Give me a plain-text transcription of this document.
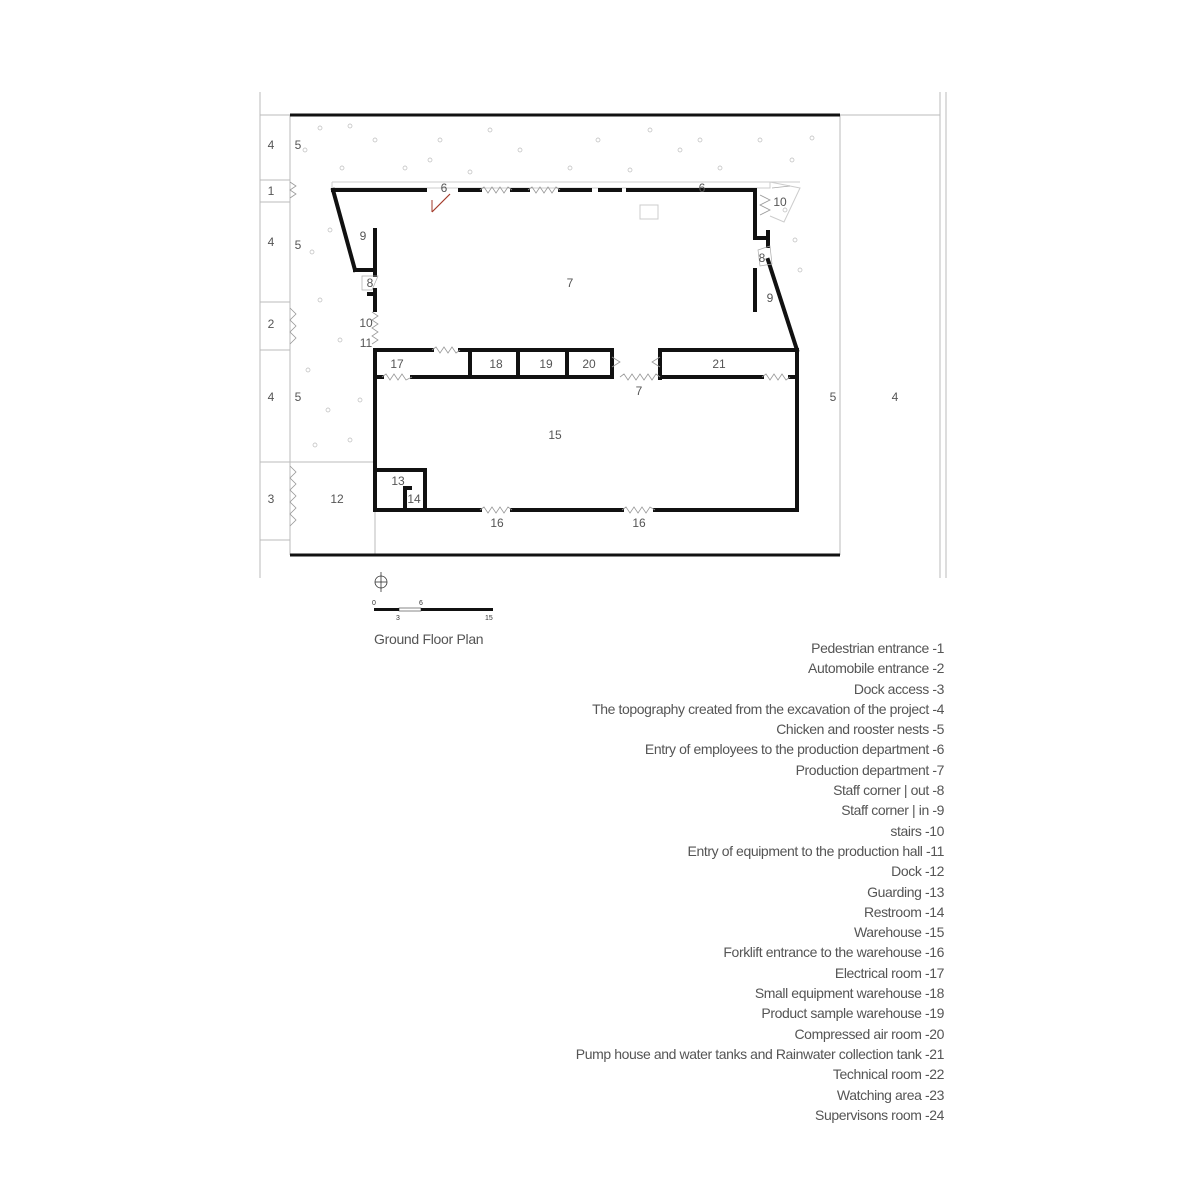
4 5
1
4 5
2
4 5
3	12
6	6
10
9
8
8
9
10
11
7
17	18	19 20	21
7	5	4
15
13
14
16	16
0
3
6
15
Ground Floor Plan
Pedestrian entrance -1
Automobile entrance -2
Dock access -3
The topography created from the excavation of the project -4
Chicken and rooster nests -5
Entry of employees to the production department -6
Production department -7
Staff corner | out -8
Staff corner | in -9
stairs -10
Entry of equipment to the production hall -11
Dock -12
Guarding -13
Restroom -14
Warehouse -15
Forklift entrance to the warehouse -16
Electrical room -17
Small equipment warehouse -18
Product sample warehouse -19
Compressed air room -20
Pump house and water tanks and Rainwater collection tank -21
Technical room -22
Watching area -23
Supervisons room -24
